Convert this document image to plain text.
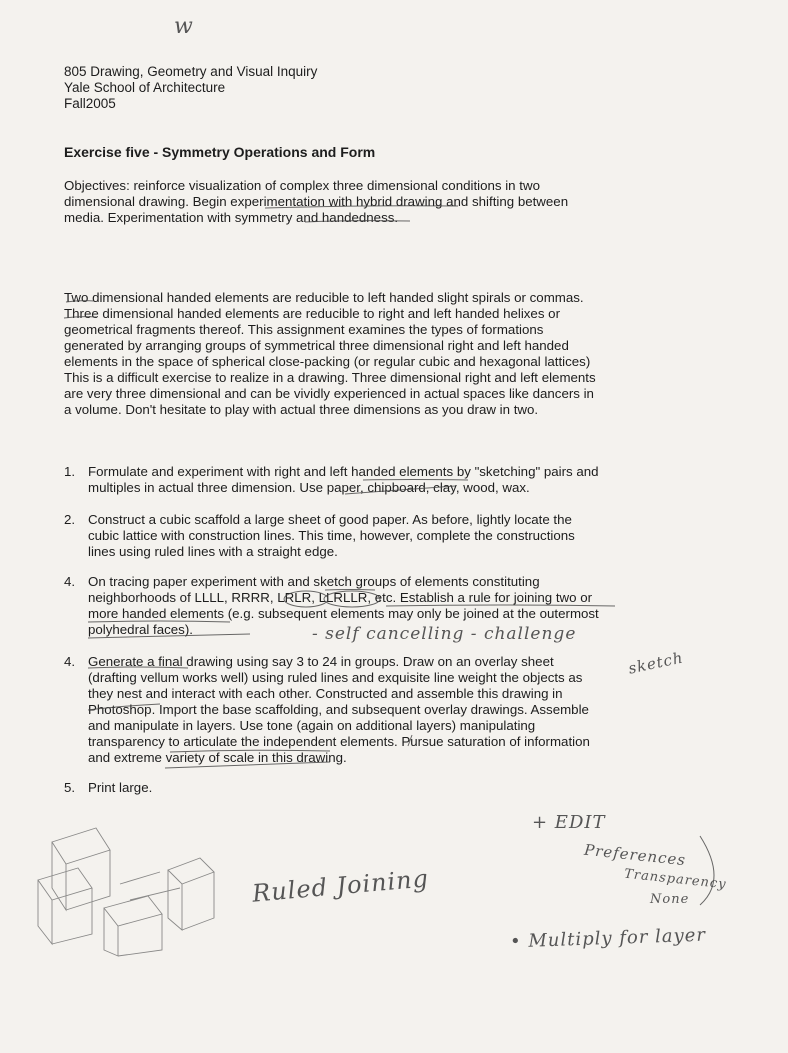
w
805 Drawing, Geometry and Visual Inquiry
Yale School of Architecture
Fall2005
Exercise five - Symmetry Operations and Form
Objectives: reinforce visualization of complex three dimensional conditions in two
dimensional drawing. Begin experimentation with hybrid drawing and shifting between
media. Experimentation with symmetry and handedness.
Two dimensional handed elements are reducible to left handed slight spirals or commas.
Three dimensional handed elements are reducible to right and left handed helixes or
geometrical fragments thereof. This assignment examines the types of formations
generated by arranging groups of symmetrical three dimensional right and left handed
elements in the space of spherical close-packing (or regular cubic and hexagonal lattices)
This is a difficult exercise to realize in a drawing. Three dimensional right and left elements
are very three dimensional and can be vividly experienced in actual spaces like dancers in
a volume. Don't hesitate to play with actual three dimensions as you draw in two.
1. Formulate and experiment with right and left handed elements by "sketching" pairs and
multiples in actual three dimension. Use paper, chipboard, clay, wood, wax.
2. Construct a cubic scaffold a large sheet of good paper. As before, lightly locate the
cubic lattice with construction lines. This time, however, complete the constructions
lines using ruled lines with a straight edge.
4. On tracing paper experiment with and sketch groups of elements constituting
neighborhoods of LLLL, RRRR, LRLR, LLRLLR, etc. Establish a rule for joining two or
more handed elements (e.g. subsequent elements may only be joined at the outermost
polyhedral faces).
4. Generate a final drawing using say 3 to 24 in groups. Draw on an overlay sheet
(drafting vellum works well) using ruled lines and exquisite line weight the objects as
they nest and interact with each other. Constructed and assemble this drawing in
Photoshop. Import the base scaffolding, and subsequent overlay drawings. Assemble
and manipulate in layers. Use tone (again on additional layers) manipulating
transparency to articulate the independent elements. Pursue saturation of information
and extreme variety of scale in this drawing.
5. Print large.
- self cancelling - challenge
sketch
Ruled Joining
+ EDIT
Preferences
Transparency
None
• Multiply for layer
